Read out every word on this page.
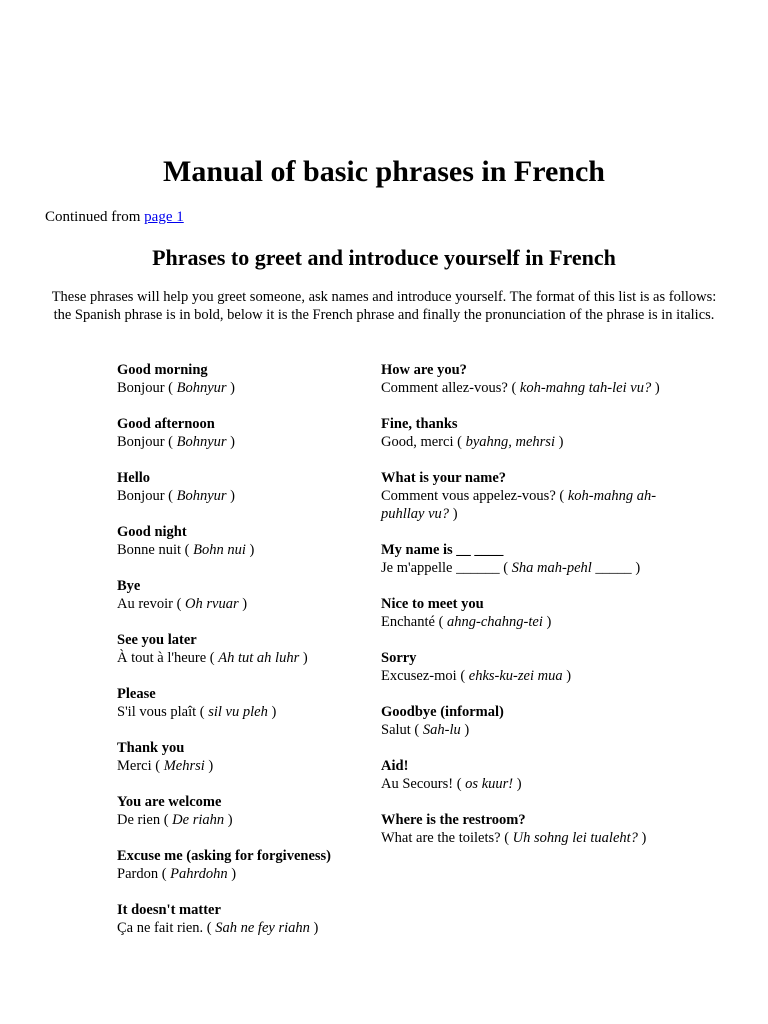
Manual of basic phrases in French

Continued from page 1

Phrases to greet and introduce yourself in French

These phrases will help you greet someone, ask names and introduce yourself. The format of this list is as follows: the Spanish phrase is in bold, below it is the French phrase and finally the pronunciation of the phrase is in italics.

Good morning
Bonjour ( Bohnyur )
Good afternoon
Bonjour ( Bohnyur )
Hello
Bonjour ( Bohnyur )
Good night
Bonne nuit ( Bohn nui )
Bye
Au revoir ( Oh rvuar )
See you later
À tout à l'heure ( Ah tut ah luhr )
Please
S'il vous plaît ( sil vu pleh )
Thank you
Merci ( Mehrsi )
You are welcome
De rien ( De riahn )
Excuse me (asking for forgiveness)
Pardon ( Pahrdohn )
It doesn't matter
Ça ne fait rien. ( Sah ne fey riahn )
How are you?
Comment allez-vous? ( koh-mahng tah-lei vu? )
Fine, thanks
Good, merci ( byahng, mehrsi )
What is your name?
Comment vous appelez-vous? ( koh-mahng ah-puhllay vu? )
My name is __ ____
Je m'appelle ______ ( Sha mah-pehl _____ )
Nice to meet you
Enchanté ( ahng-chahng-tei )
Sorry
Excusez-moi ( ehks-ku-zei mua )
Goodbye (informal)
Salut ( Sah-lu )
Aid!
Au Secours! ( os kuur! )
Where is the restroom?
What are the toilets? ( Uh sohng lei tualeht? )
